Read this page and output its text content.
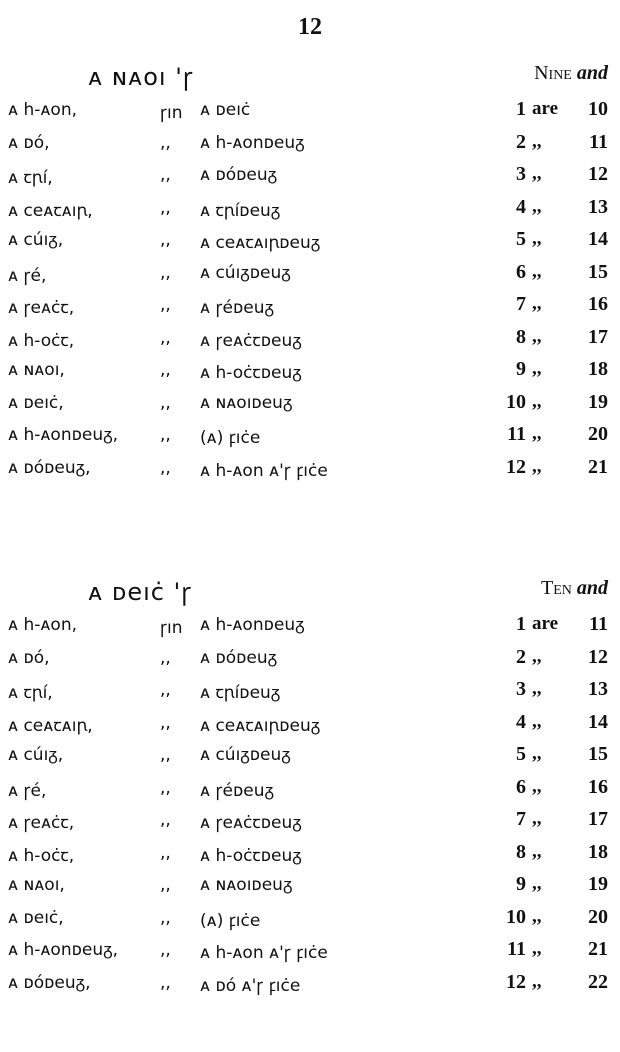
12
ᴀ ɴᴀoı 'ꞅ	Nine and
ᴀ h-ᴀon,	ꞅın ᴀ ᴅeıċ	1 are 10
ᴀ ᴅó,	,, ᴀ h-ᴀonᴅeuᵹ	2 ,, 11
ᴀ ꞇꞃí,	,, ᴀ ᴅóᴅeuᵹ	3 ,, 12
ᴀ ceᴀꞇᴀıꞃ,	,, ᴀ ꞇꞃíᴅeuᵹ	4 ,, 13
ᴀ cúıᵹ,	,, ᴀ ceᴀꞇᴀıꞃᴅeuᵹ	5 ,, 14
ᴀ ꞅé,	,, ᴀ cúıᵹᴅeuᵹ	6 ,, 15
ᴀ ꞅeᴀċꞇ,	,, ᴀ ꞅéᴅeuᵹ	7 ,, 16
ᴀ h-oċꞇ,	,, ᴀ ꞅeᴀċꞇᴅeuᵹ	8 ,, 17
ᴀ ɴᴀoı,	,, ᴀ h-oċꞇᴅeuᵹ	9 ,, 18
ᴀ ᴅeıċ,	,, ᴀ ɴᴀoıᴅeuᵹ	10 ,, 19
ᴀ h-ᴀonᴅeuᵹ, ,, (ᴀ) ꝼıċe	11 ,, 20
ᴀ ᴅóᴅeuᵹ,	,, ᴀ h-ᴀon ᴀ'ꞅ ꝼıċe	12 ,, 21
ᴀ ᴅeıċ 'ꞅ	Ten and
ᴀ h-ᴀon,	ꞅın ᴀ h-ᴀonᴅeuᵹ	1 are 11
ᴀ ᴅó,	,, ᴀ ᴅóᴅeuᵹ	2 ,, 12
ᴀ ꞇꞃí,	,, ᴀ ꞇꞃíᴅeuᵹ	3 ,, 13
ᴀ ceᴀꞇᴀıꞃ,	,, ᴀ ceᴀꞇᴀıꞃᴅeuᵹ	4 ,, 14
ᴀ cúıᵹ,	,, ᴀ cúıᵹᴅeuᵹ	5 ,, 15
ᴀ ꞅé,	,, ᴀ ꞅéᴅeuᵹ	6 ,, 16
ᴀ ꞅeᴀċꞇ,	,, ᴀ ꞅeᴀċꞇᴅeuᵹ	7 ,, 17
ᴀ h-oċꞇ,	,, ᴀ h-oċꞇᴅeuᵹ	8 ,, 18
ᴀ ɴᴀoı,	,, ᴀ ɴᴀoıᴅeuᵹ	9 ,, 19
ᴀ ᴅeıċ,	,, (ᴀ) ꝼıċe	10 ,, 20
ᴀ h-ᴀonᴅeuᵹ, ,, ᴀ h-ᴀon ᴀ'ꞅ ꝼıċe	11 ,, 21
ᴀ ᴅóᴅeuᵹ,	,, ᴀ ᴅó ᴀ'ꞅ ꝼıċe	12 ,, 22
